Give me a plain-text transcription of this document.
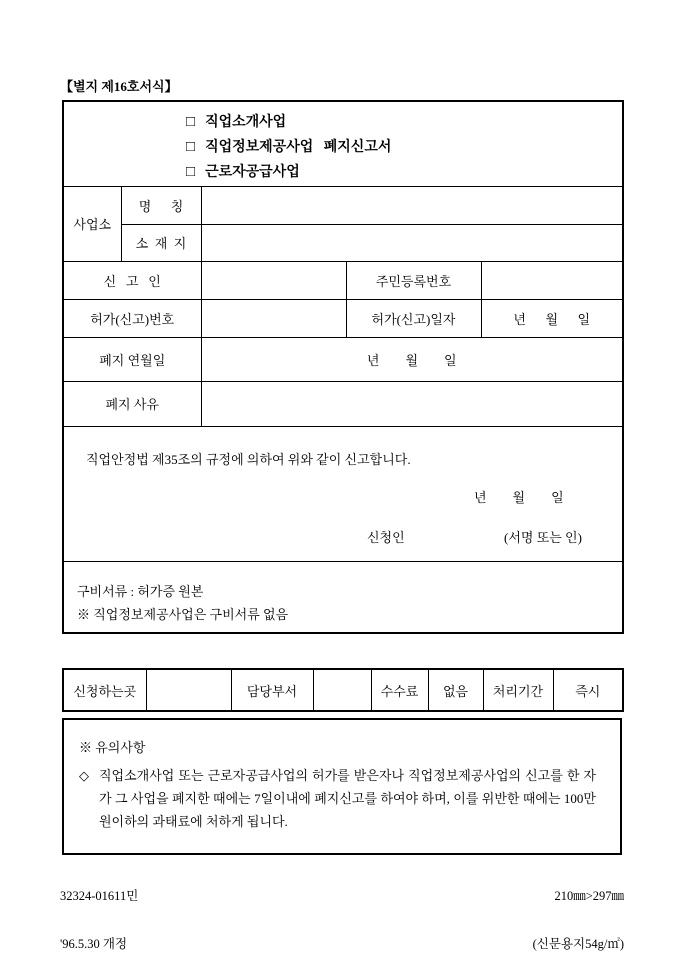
【별지 제16호서식】
□ 직업소개사업
□ 직업정보제공사업   폐지신고서
□ 근로자공급사업				

사업소	명      칭			
	소  재  지			
신   고   인			주민등록번호	
허가(신고)번호			허가(신고)일자	년      월      일
폐지 연월일		년        월        일		
폐지 사유				

직업안정법 제35조의 규정에 의하여 위와 같이 신고합니다.
년        월        일
신청인 (서명 또는 인)				

구비서류 : 허가증 원본
※ 직업정보제공사업은 구비서류 없음				
신청하는곳		담당부서		수수료	없음	처리기간	즉시
※ 유의사항
◇ 직업소개사업 또는 근로자공급사업의 허가를 받은자나 직업정보제공사업의 신고를 한 자가 그 사업을 폐지한 때에는 7일이내에 폐지신고를 하여야 하며, 이를 위반한 때에는 100만원이하의 과태료에 처하게 됩니다.

32324-01611민

'96.5.30 개정

210㎜>297㎜

(신문용지54g/㎡)
